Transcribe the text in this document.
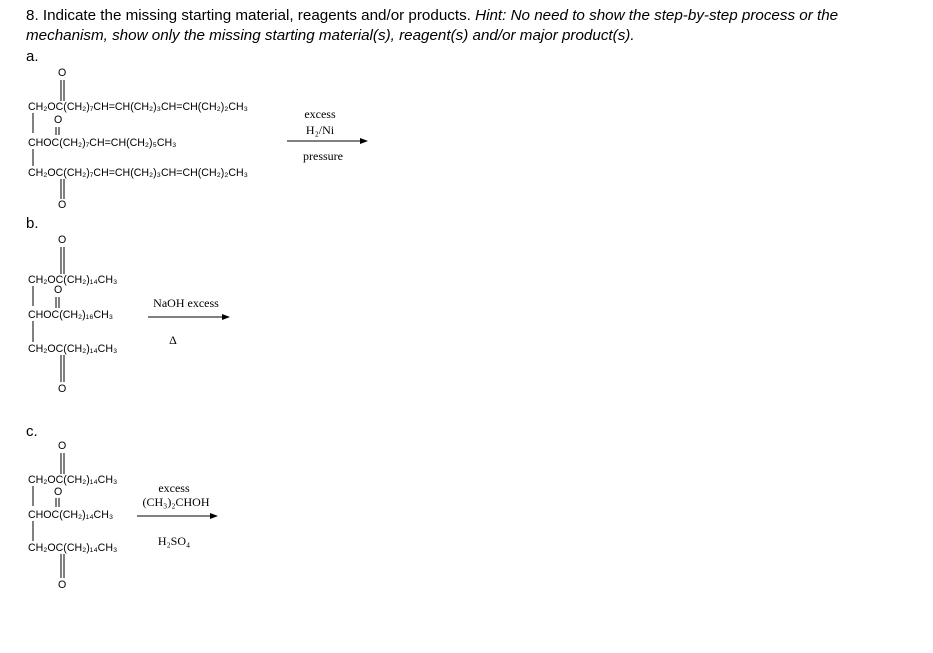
8. Indicate the missing starting material, reagents and/or products. Hint: No need to show the step-by-step process or the mechanism, show only the missing starting material(s), reagent(s) and/or major product(s).
a.
O
CH₂OC(CH₂)₇CH=CH(CH₂)₃CH=CH(CH₂)₂CH₃
O
CHOC(CH₂)₇CH=CH(CH₂)₅CH₃
CH₂OC(CH₂)₇CH=CH(CH₂)₃CH=CH(CH₂)₂CH₃
O
excess
H₂/Ni
pressure
b.
O
CH₂OC(CH₂)₁₄CH₃
O
CHOC(CH₂)₁₆CH₃
CH₂OC(CH₂)₁₄CH₃
O
NaOH excess
Δ
c.
O
CH₂OC(CH₂)₁₄CH₃
O
CHOC(CH₂)₁₄CH₃
CH₂OC(CH₂)₁₄CH₃
O
excess
(CH₃)₂CHOH
H₂SO₄
